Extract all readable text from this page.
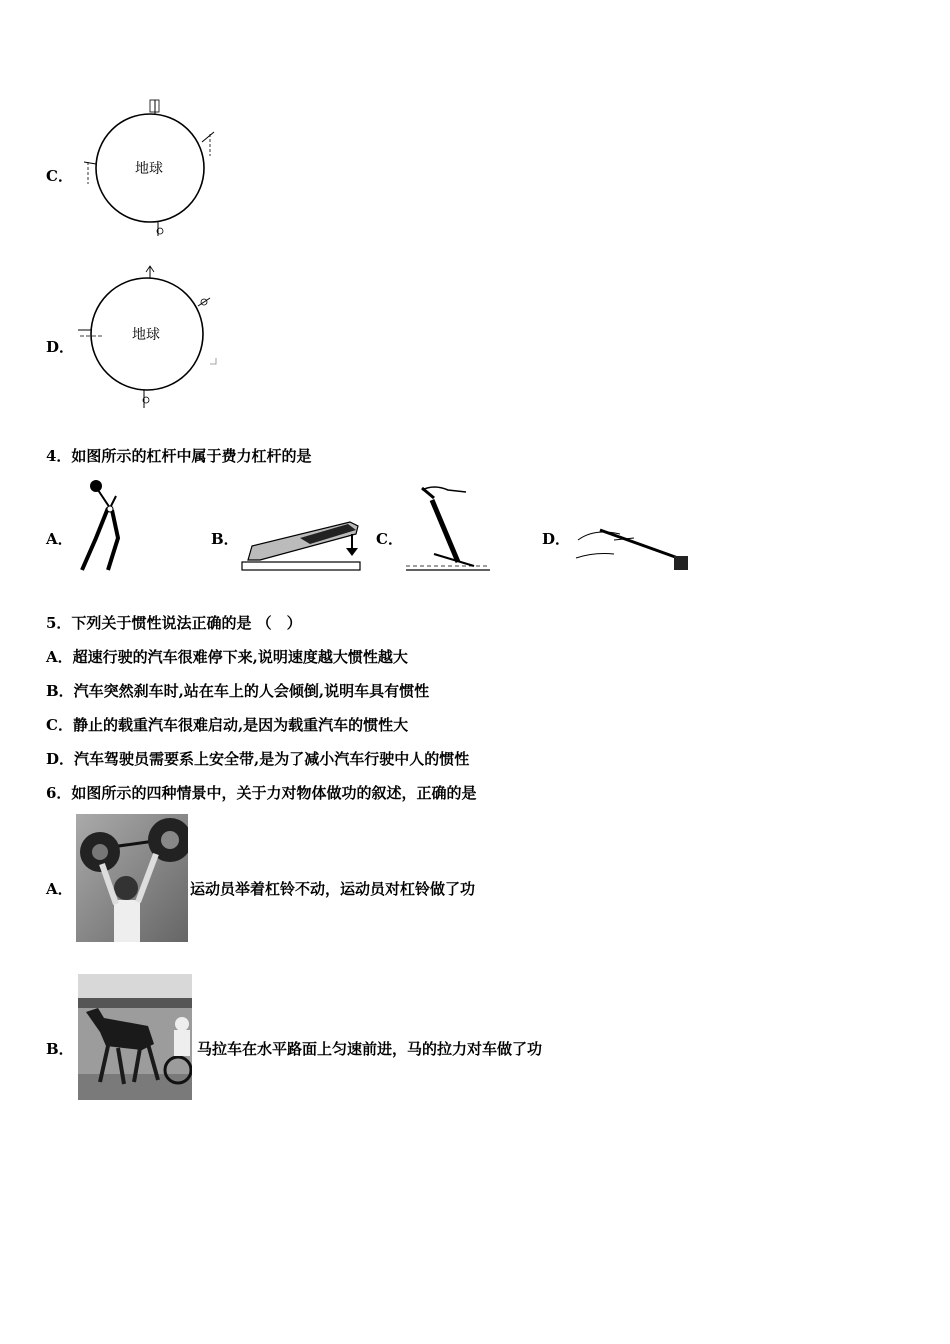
C．	地球
D．
地球
4．如图所示的杠杆中属于费力杠杆的是
A．	B．	C．	D．
5．下列关于惯性说法正确的是 （　）
A．超速行驶的汽车很难停下来,说明速度越大惯性越大
B．汽车突然刹车时,站在车上的人会倾倒,说明车具有惯性
C．静止的载重汽车很难启动,是因为载重汽车的惯性大
D．汽车驾驶员需要系上安全带,是为了减小汽车行驶中人的惯性
6．如图所示的四种情景中，关于力对物体做功的叙述，正确的是
A．	运动员举着杠铃不动，运动员对杠铃做了功
B．	马拉车在水平路面上匀速前进，马的拉力对车做了功
